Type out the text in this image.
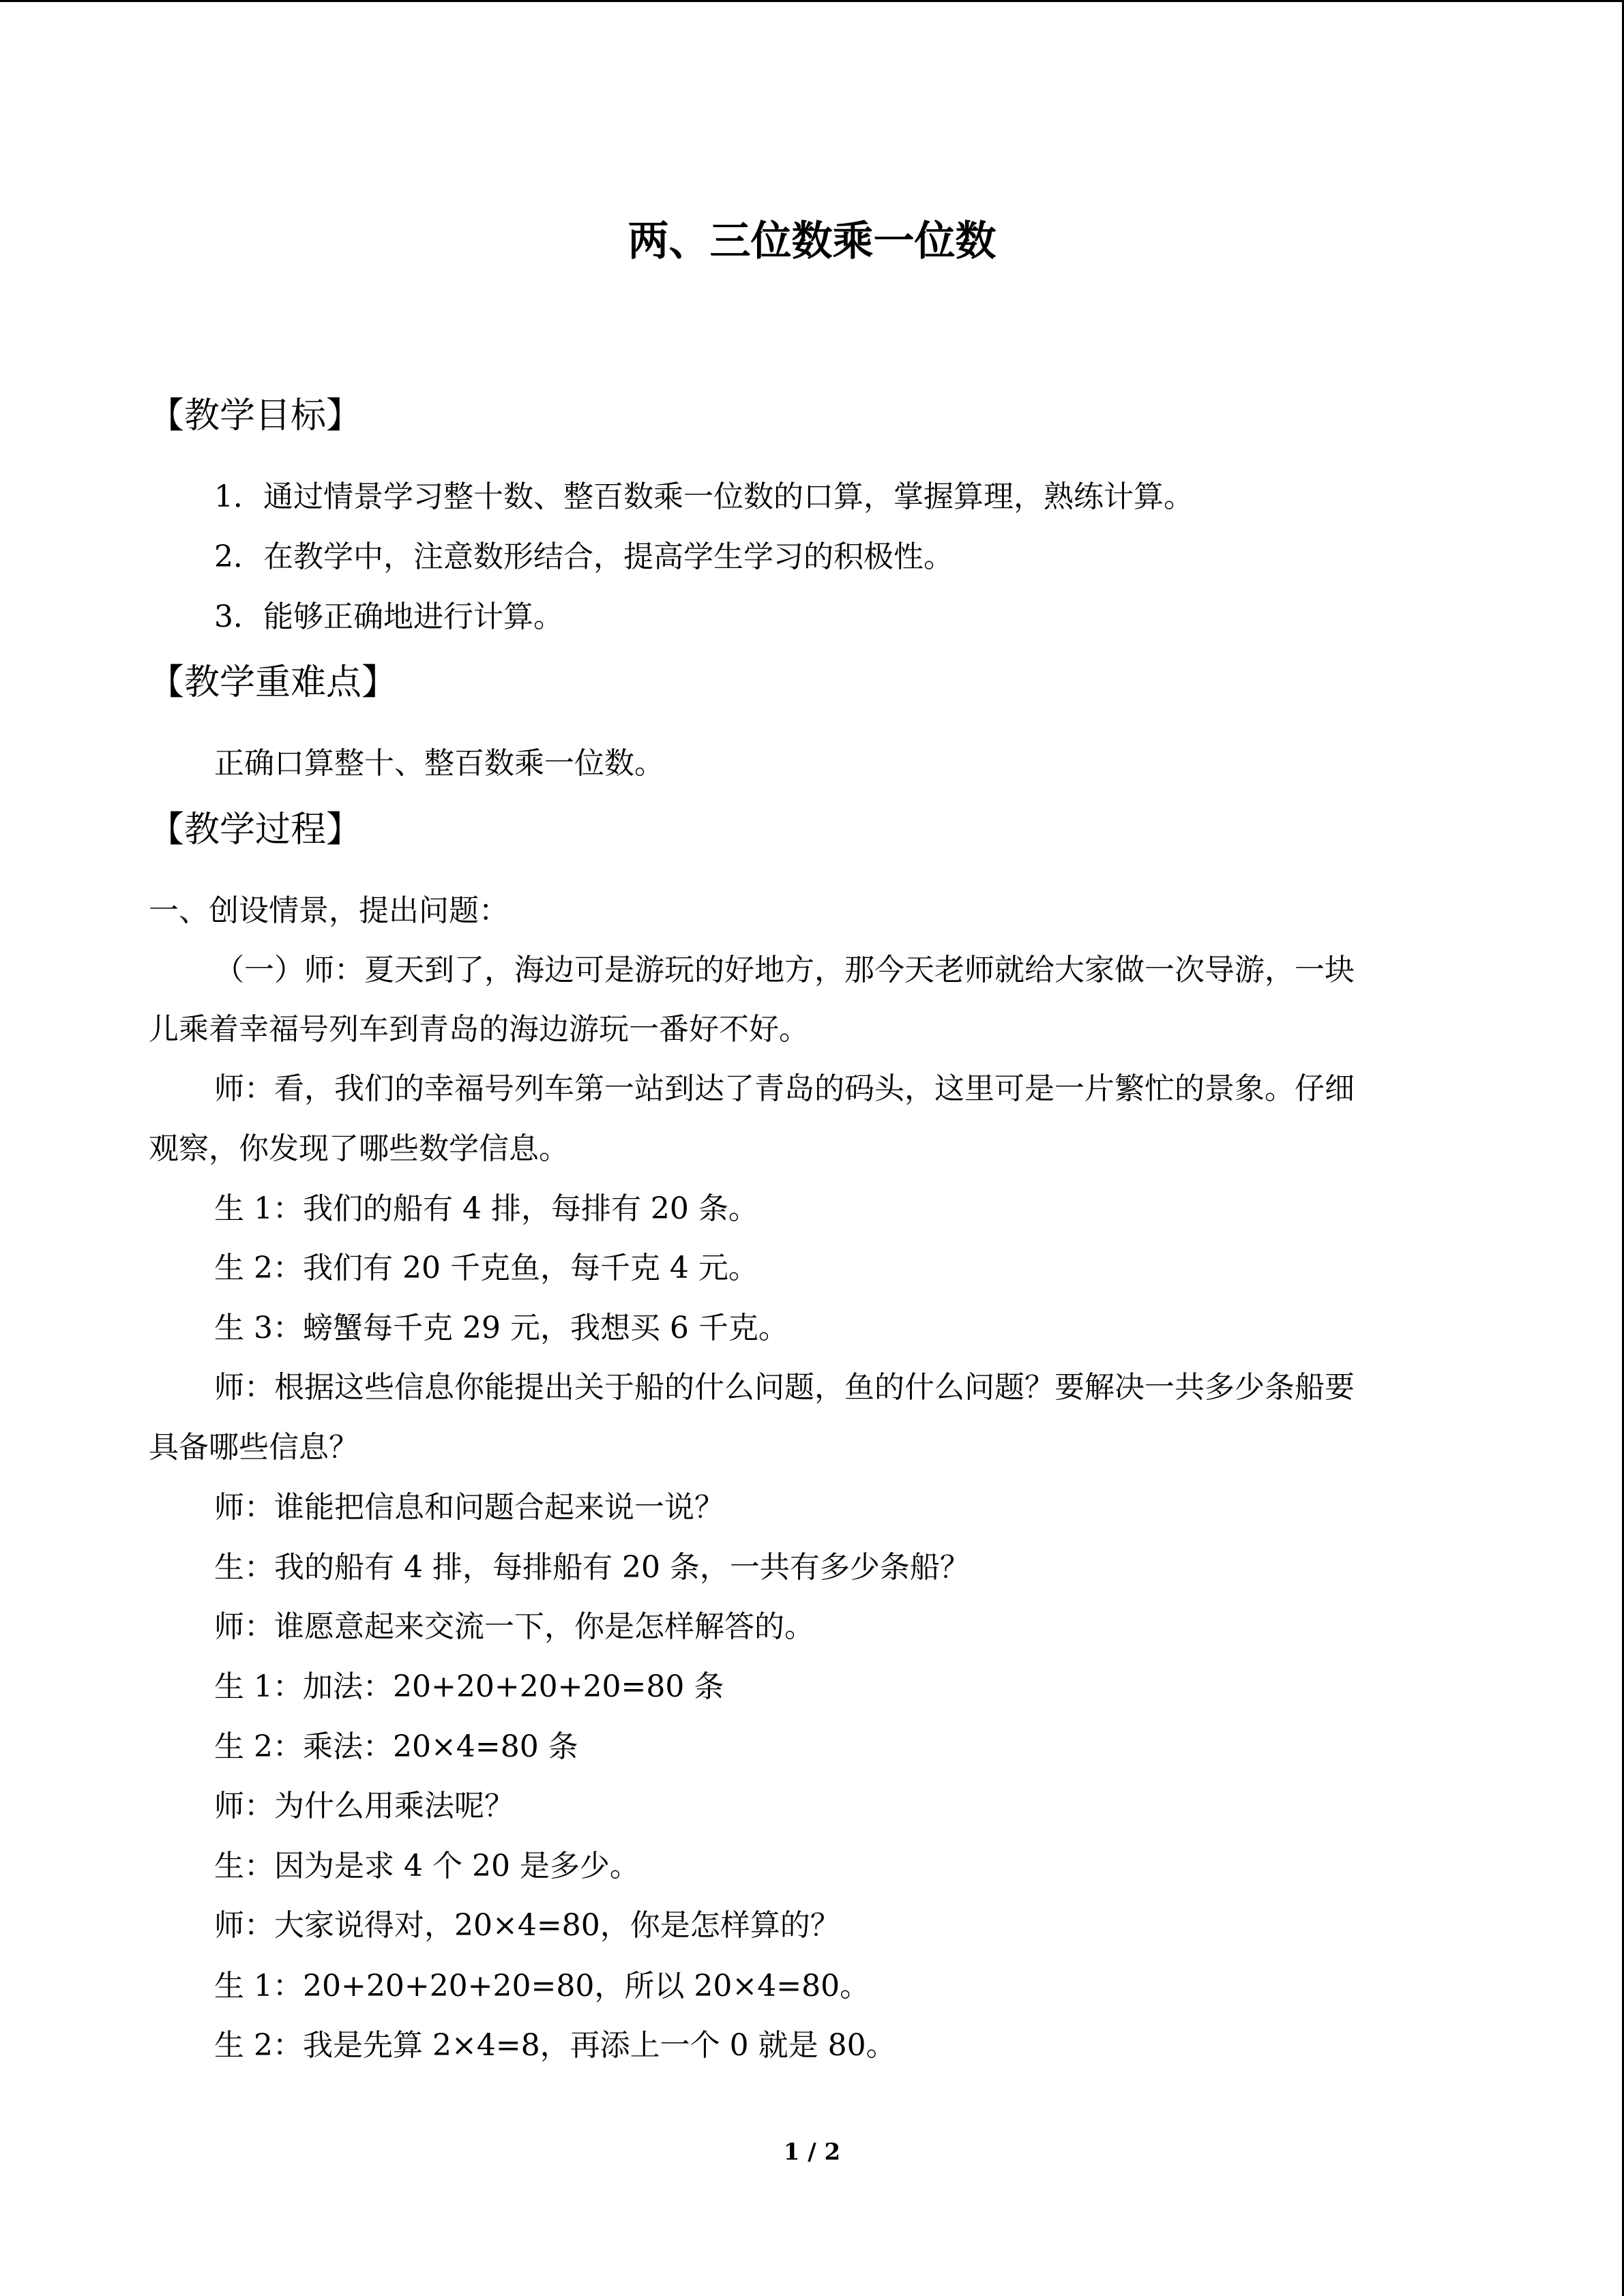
两、三位数乘一位数
【教学目标】
1．通过情景学习整十数、整百数乘一位数的口算，掌握算理，熟练计算。
2．在教学中，注意数形结合，提高学生学习的积极性。
3．能够正确地进行计算。
【教学重难点】
正确口算整十、整百数乘一位数。
【教学过程】
一、创设情景，提出问题：
（一）师：夏天到了，海边可是游玩的好地方，那今天老师就给大家做一次导游，一块
儿乘着幸福号列车到青岛的海边游玩一番好不好。
师：看，我们的幸福号列车第一站到达了青岛的码头，这里可是一片繁忙的景象。仔细
观察，你发现了哪些数学信息。
生 1：我们的船有 4 排，每排有 20 条。
生 2：我们有 20 千克鱼，每千克 4 元。
生 3：螃蟹每千克 29 元，我想买 6 千克。
师：根据这些信息你能提出关于船的什么问题，鱼的什么问题？要解决一共多少条船要
具备哪些信息？
师：谁能把信息和问题合起来说一说？
生：我的船有 4 排，每排船有 20 条，一共有多少条船？
师：谁愿意起来交流一下，你是怎样解答的。
生 1：加法：20+20+20+20=80 条
生 2：乘法：20×4=80 条
师：为什么用乘法呢？
生：因为是求 4 个 20 是多少。
师：大家说得对，20×4=80，你是怎样算的？
生 1：20+20+20+20=80，所以 20×4=80。
生 2：我是先算 2×4=8，再添上一个 0 就是 80。
1 / 2
